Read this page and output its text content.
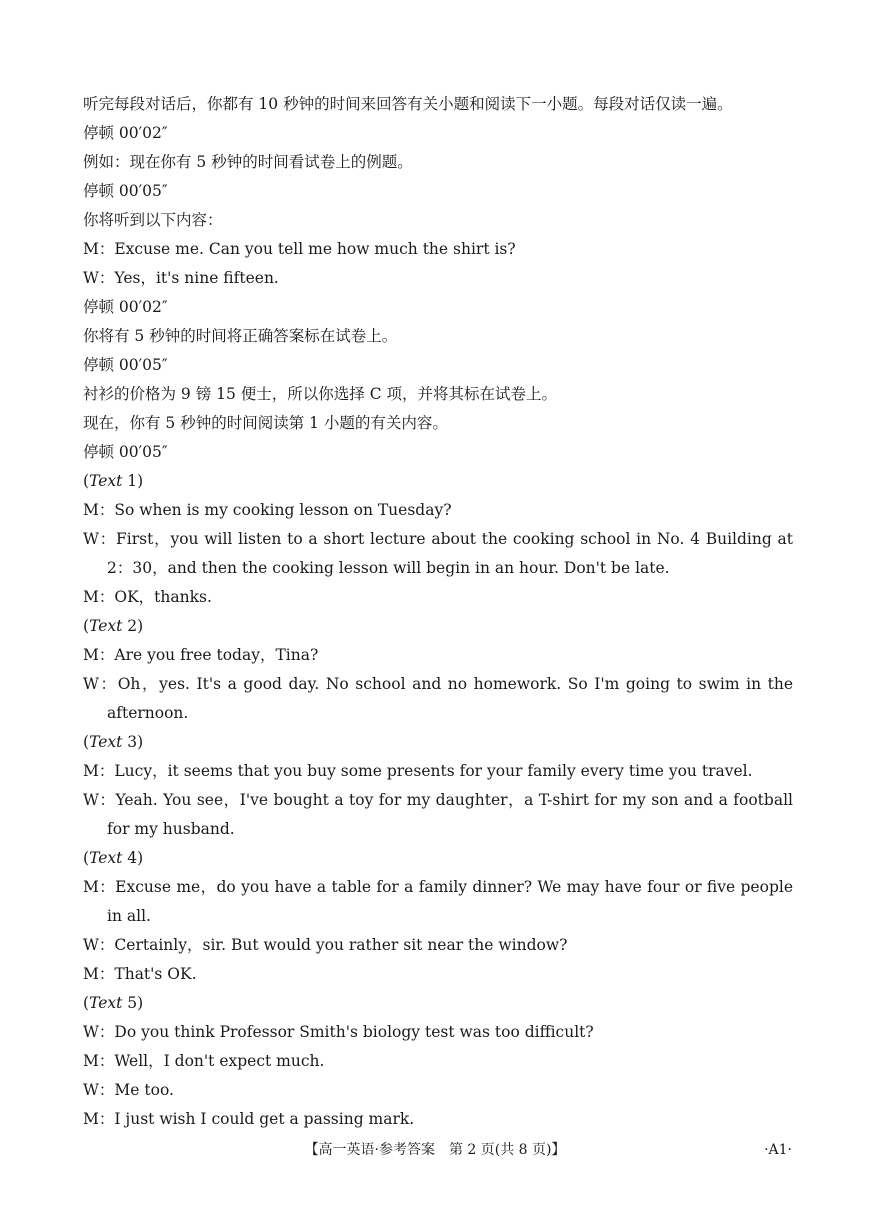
听完每段对话后，你都有 10 秒钟的时间来回答有关小题和阅读下一小题。每段对话仅读一遍。
停顿 00′02″
例如：现在你有 5 秒钟的时间看试卷上的例题。
停顿 00′05″
你将听到以下内容：
M：Excuse me. Can you tell me how much the shirt is?
W：Yes，it's nine fifteen.
停顿 00′02″
你将有 5 秒钟的时间将正确答案标在试卷上。
停顿 00′05″
衬衫的价格为 9 镑 15 便士，所以你选择 C 项，并将其标在试卷上。
现在，你有 5 秒钟的时间阅读第 1 小题的有关内容。
停顿 00′05″
(Text 1)
M：So when is my cooking lesson on Tuesday?
W：First，you will listen to a short lecture about the cooking school in No. 4 Building at 2：30，and then the cooking lesson will begin in an hour. Don't be late.
M：OK，thanks.
(Text 2)
M：Are you free today，Tina?
W：Oh，yes. It's a good day. No school and no homework. So I'm going to swim in the afternoon.
(Text 3)
M：Lucy，it seems that you buy some presents for your family every time you travel.
W：Yeah. You see，I've bought a toy for my daughter，a T-shirt for my son and a football for my husband.
(Text 4)
M：Excuse me，do you have a table for a family dinner? We may have four or five people in all.
W：Certainly，sir. But would you rather sit near the window?
M：That's OK.
(Text 5)
W：Do you think Professor Smith's biology test was too difficult?
M：Well，I don't expect much.
W：Me too.
M：I just wish I could get a passing mark.
【高一英语·参考答案　第 2 页(共 8 页)】	·A1·
